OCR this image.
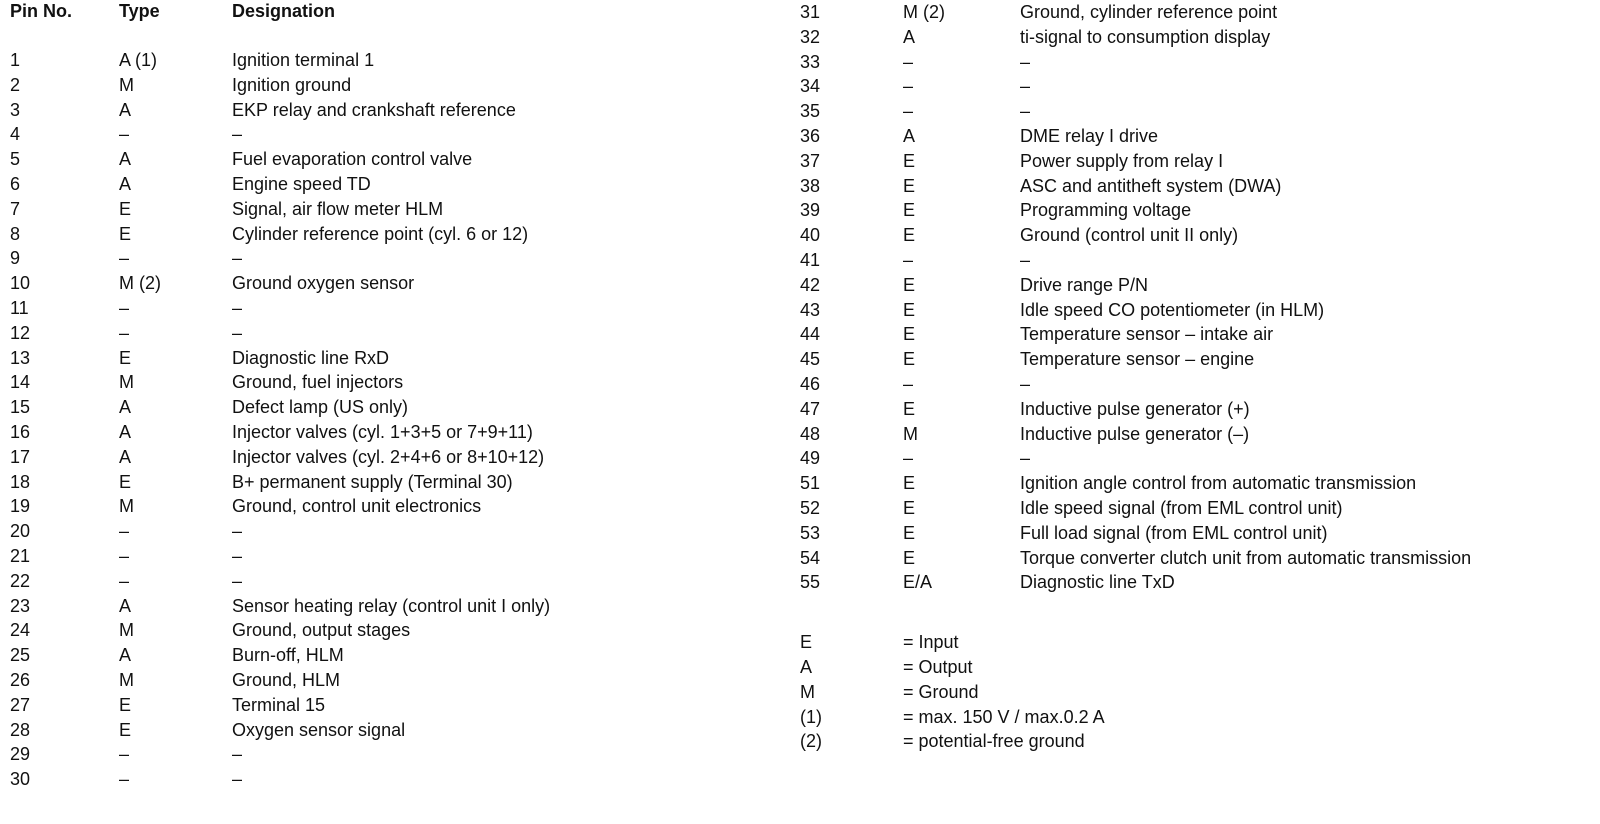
Pin No.	Type	Designation
1	A (1)	Ignition terminal 1
2	M	Ignition ground
3	A	EKP relay and crankshaft reference
4	–	–
5	A	Fuel evaporation control valve
6	A	Engine speed TD
7	E	Signal, air flow meter HLM
8	E	Cylinder reference point (cyl. 6 or 12)
9	–	–
10	M (2)	Ground oxygen sensor
11	–	–
12	–	–
13	E	Diagnostic line RxD
14	M	Ground, fuel injectors
15	A	Defect lamp (US only)
16	A	Injector valves (cyl. 1+3+5 or 7+9+11)
17	A	Injector valves (cyl. 2+4+6 or 8+10+12)
18	E	B+ permanent supply (Terminal 30)
19	M	Ground, control unit electronics
20	–	–
21	–	–
22	–	–
23	A	Sensor heating relay (control unit I only)
24	M	Ground, output stages
25	A	Burn-off, HLM
26	M	Ground, HLM
27	E	Terminal 15
28	E	Oxygen sensor signal
29	–	–
30	–	–
31	M (2)	Ground, cylinder reference point
32	A	ti-signal to consumption display
33	–	–
34	–	–
35	–	–
36	A	DME relay I drive
37	E	Power supply from relay I
38	E	ASC and antitheft system (DWA)
39	E	Programming voltage
40	E	Ground (control unit II only)
41	–	–
42	E	Drive range P/N
43	E	Idle speed CO potentiometer (in HLM)
44	E	Temperature sensor – intake air
45	E	Temperature sensor – engine
46	–	–
47	E	Inductive pulse generator (+)
48	M	Inductive pulse generator (–)
49	–	–
51	E	Ignition angle control from automatic transmission
52	E	Idle speed signal (from EML control unit)
53	E	Full load signal (from EML control unit)
54	E	Torque converter clutch unit from automatic transmission
55	E/A	Diagnostic line TxD
E	= Input
A	= Output
M	= Ground
(1)	= max. 150 V / max.0.2 A
(2)	= potential-free ground
